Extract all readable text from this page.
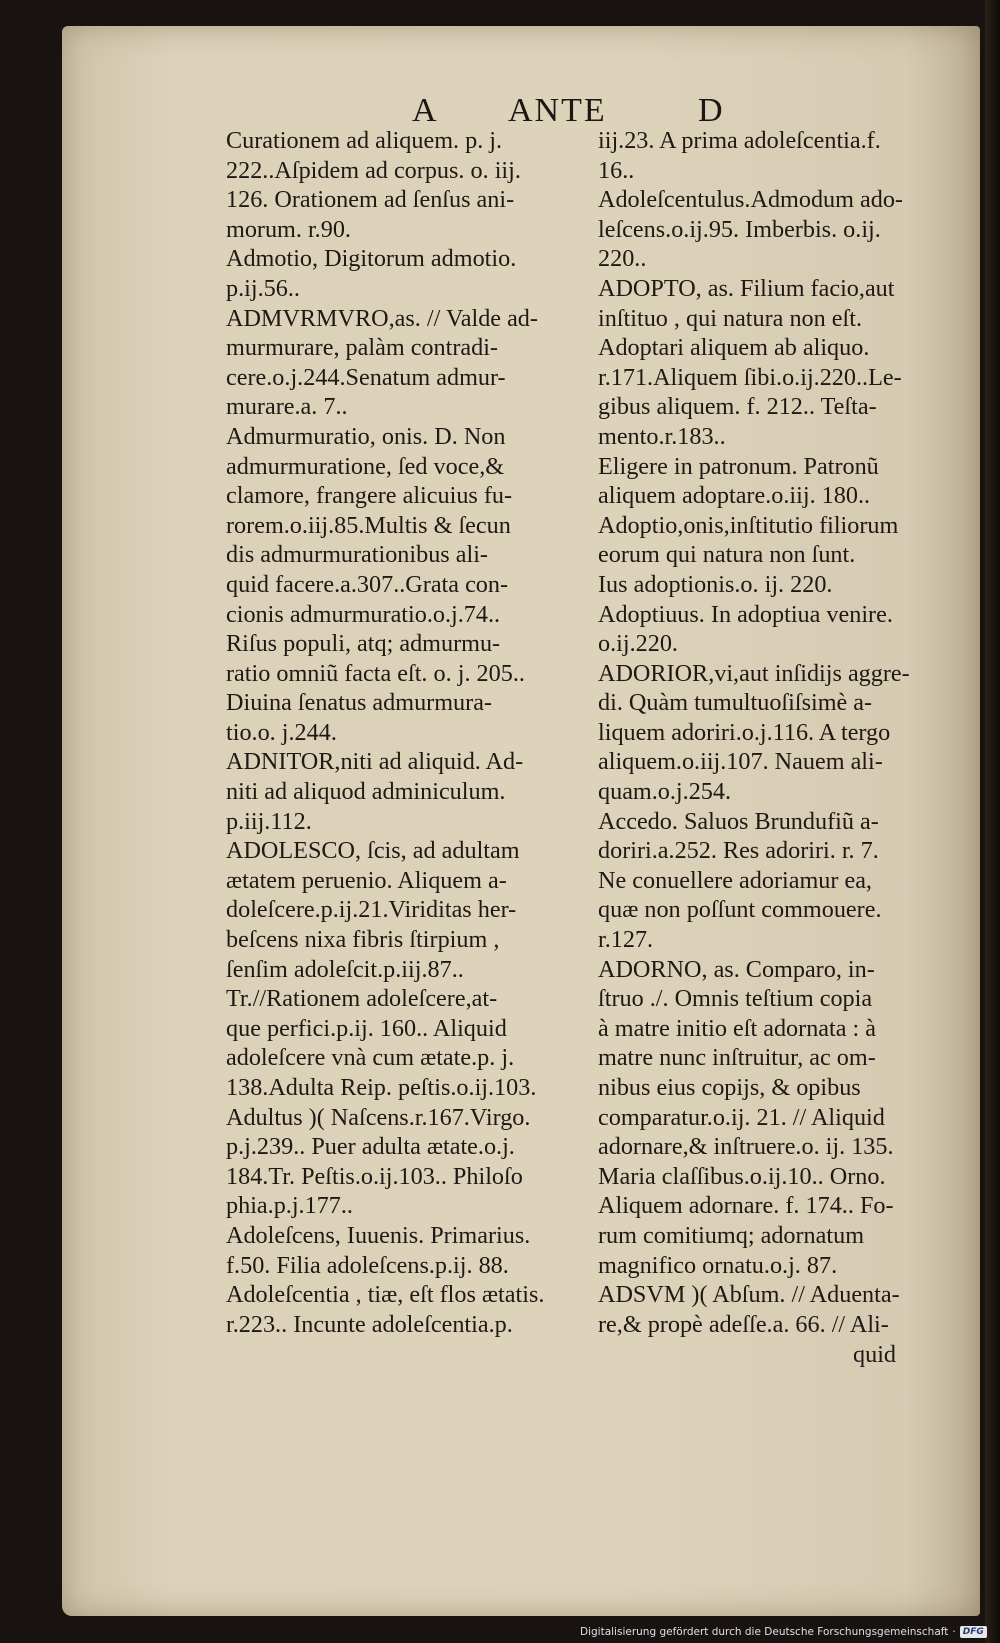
A ANTE	D

Curationem ad aliquem. p. j.

222..Aſpidem ad corpus. o. iij.

126. Orationem ad ſenſus ani-

morum. r.90.

Admotio, Digitorum admotio.

p.ij.56..

ADMVRMVRO,as. // Valde ad-

murmurare, palàm contradi-

cere.o.j.244.Senatum admur-

murare.a. 7..

Admurmuratio, onis. D. Non

admurmuratione, ſed voce,&

clamore, frangere alicuius fu-

rorem.o.iij.85.Multis & ſecun

dis admurmurationibus ali-

quid facere.a.307..Grata con-

cionis admurmuratio.o.j.74..

Riſus populi, atq; admurmu-

ratio omniũ facta eſt. o. j. 205..

Diuina ſenatus admurmura-

tio.o. j.244.

ADNITOR,niti ad aliquid. Ad-

niti ad aliquod adminiculum.

p.iij.112.

ADOLESCO, ſcis, ad adultam

ætatem peruenio. Aliquem a-

doleſcere.p.ij.21.Viriditas her-

beſcens nixa fibris ſtirpium ,

ſenſim adoleſcit.p.iij.87..

Tr.//Rationem adoleſcere,at-

que perfici.p.ij. 160.. Aliquid

adoleſcere vnà cum ætate.p. j.

138.Adulta Reip. peſtis.o.ij.103.

Adultus )( Naſcens.r.167.Virgo.

p.j.239.. Puer adulta ætate.o.j.

184.Tr. Peſtis.o.ij.103.. Philoſo

phia.p.j.177..

Adoleſcens, Iuuenis. Primarius.

f.50. Filia adoleſcens.p.ij. 88.

Adoleſcentia , tiæ, eſt flos ætatis.

r.223.. Incunte adoleſcentia.p.

iij.23. A prima adoleſcentia.f.

16..

Adoleſcentulus.Admodum ado-

leſcens.o.ij.95. Imberbis. o.ij.

220..

ADOPTO, as. Filium facio,aut

inſtituo , qui natura non eſt.

Adoptari aliquem ab aliquo.

r.171.Aliquem ſibi.o.ij.220..Le-

gibus aliquem. f. 212.. Teſta-

mento.r.183..

Eligere in patronum. Patronũ

aliquem adoptare.o.iij. 180..

Adoptio,onis,inſtitutio filiorum

eorum qui natura non ſunt.

Ius adoptionis.o. ij. 220.

Adoptiuus. In adoptiua venire.

o.ij.220.

ADORIOR,vi,aut inſidijs aggre-

di. Quàm tumultuoſiſsimè a-

liquem adoriri.o.j.116. A tergo

aliquem.o.iij.107. Nauem ali-

quam.o.j.254.

Accedo. Saluos Brundufiũ a-

doriri.a.252. Res adoriri. r. 7.

Ne conuellere adoriamur ea,

quæ non poſſunt commouere.

r.127.

ADORNO, as. Comparo, in-

ſtruo ./. Omnis teſtium copia

à matre initio eſt adornata : à

matre nunc inſtruitur, ac om-

nibus eius copijs, & opibus

comparatur.o.ij. 21. // Aliquid

adornare,& inſtruere.o. ij. 135.

Maria claſſibus.o.ij.10.. Orno.

Aliquem adornare. f. 174.. Fo-

rum comitiumq; adornatum

magnifico ornatu.o.j. 87.

ADSVM )( Abſum. // Aduenta-

re,& propè adeſſe.a. 66. // Ali-

quid
Digitalisierung gefördert durch die Deutsche Forschungsgemeinschaft · DFG
